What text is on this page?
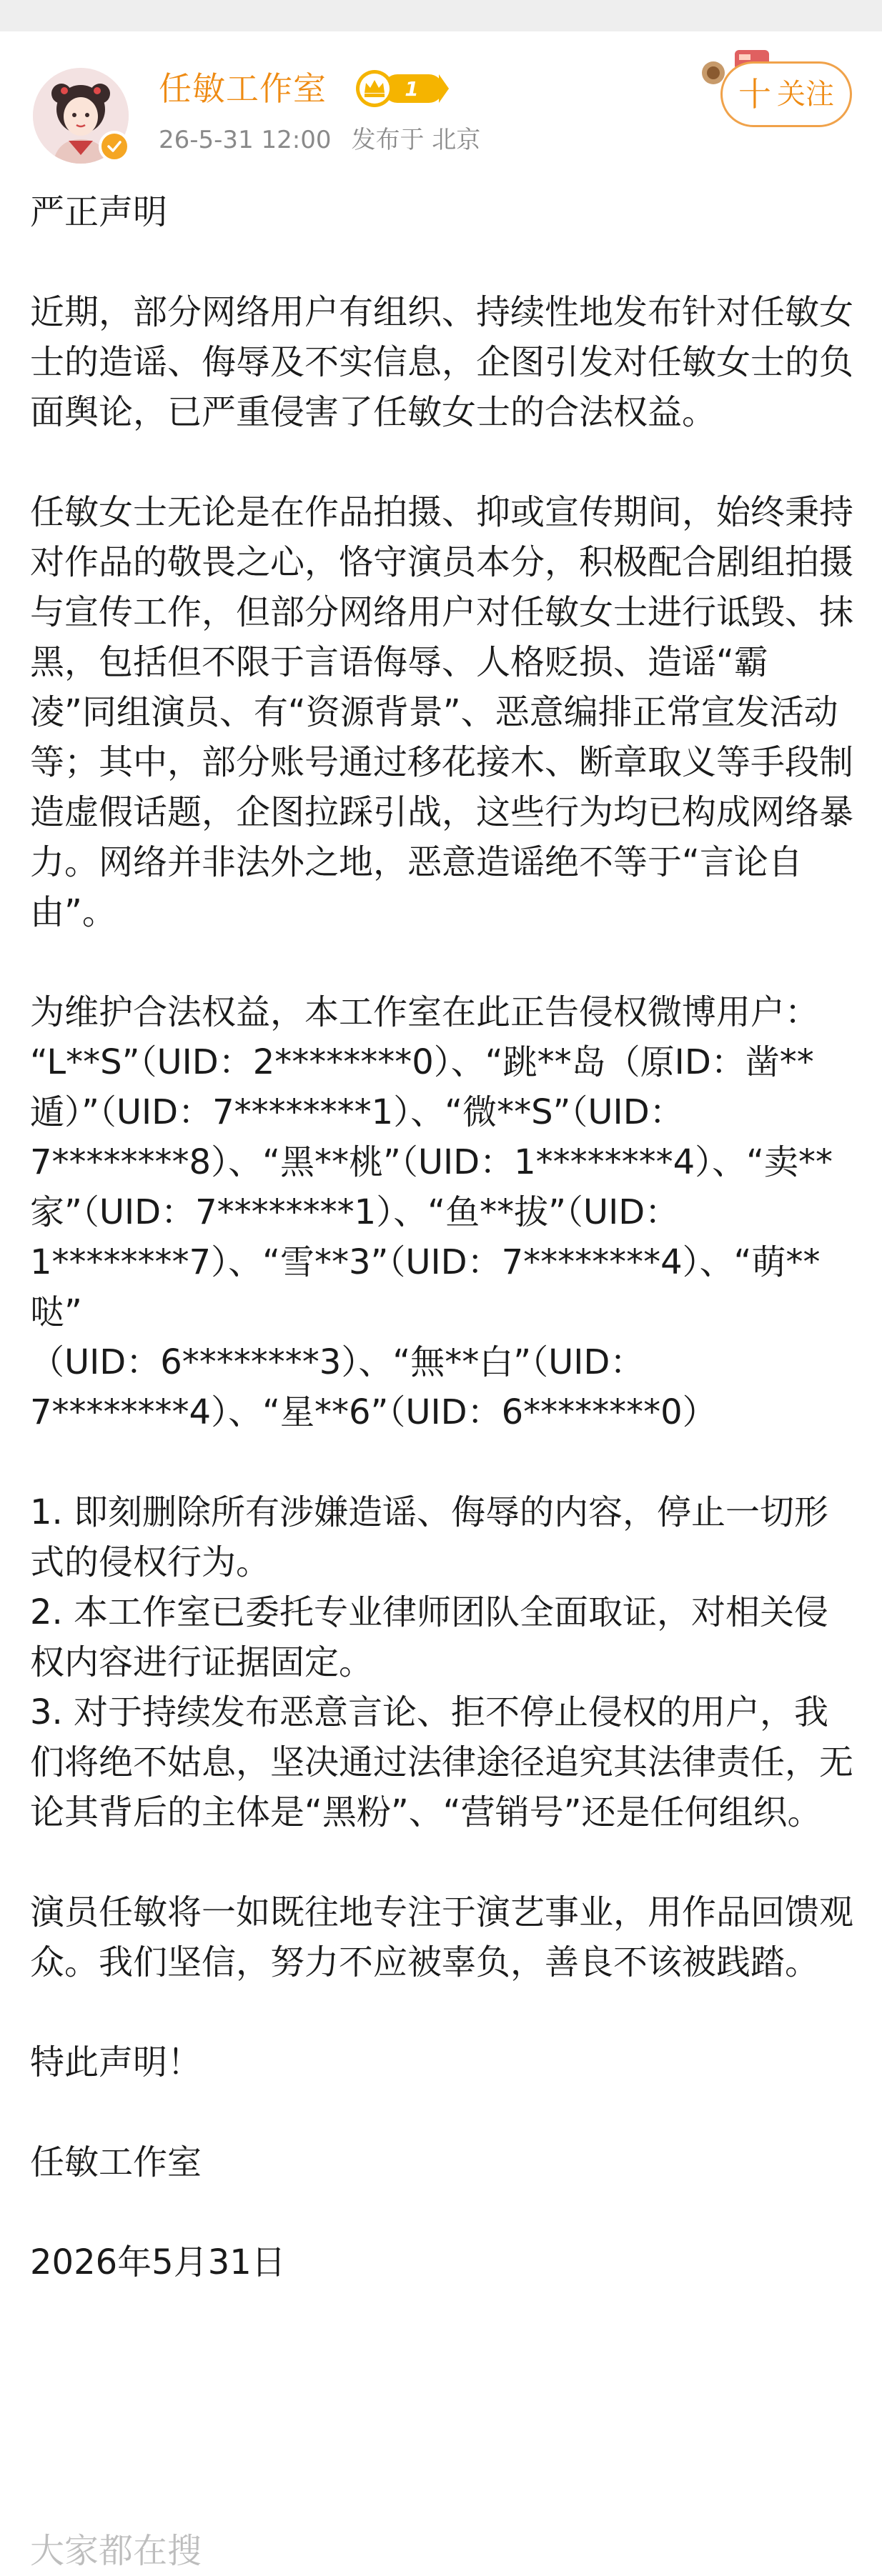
任敏工作室	1
26-5-31 12:00 发布于 北京
十 关注

严正声明

近期，部分网络用户有组织、持续性地发布针对任敏女士的造谣、侮辱及不实信息，企图引发对任敏女士的负面舆论，已严重侵害了任敏女士的合法权益。

任敏女士无论是在作品拍摄、抑或宣传期间，始终秉持对作品的敬畏之心，恪守演员本分，积极配合剧组拍摄与宣传工作，但部分网络用户对任敏女士进行诋毁、抹黑，包括但不限于言语侮辱、人格贬损、造谣“霸凌”同组演员、有“资源背景”、恶意编排正常宣发活动等；其中，部分账号通过移花接木、断章取义等手段制造虚假话题，企图拉踩引战，这些行为均已构成网络暴力。网络并非法外之地，恶意造谣绝不等于“言论自由”。

为维护合法权益，本工作室在此正告侵权微博用户：

“L**S”（UID：2********0）、“跳**岛（原ID：凿**遁）”（UID：7********1）、“微**S”（UID：7********8）、“黑**桃”（UID：1********4）、“卖**家”（UID：7********1）、“鱼**拔”（UID：1********7）、“雪**3”（UID：7********4）、“萌**哒”

（UID：6********3）、“無**白”（UID：7********4）、“星**6”（UID：6********0）

1. 即刻删除所有涉嫌造谣、侮辱的内容，停止一切形式的侵权行为。

2. 本工作室已委托专业律师团队全面取证，对相关侵权内容进行证据固定。

3. 对于持续发布恶意言论、拒不停止侵权的用户，我们将绝不姑息，坚决通过法律途径追究其法律责任，无论其背后的主体是“黑粉”、“营销号”还是任何组织。

演员任敏将一如既往地专注于演艺事业，用作品回馈观众。我们坚信，努力不应被辜负，善良不该被践踏。

特此声明！

任敏工作室

2026年5月31日

大家都在搜
